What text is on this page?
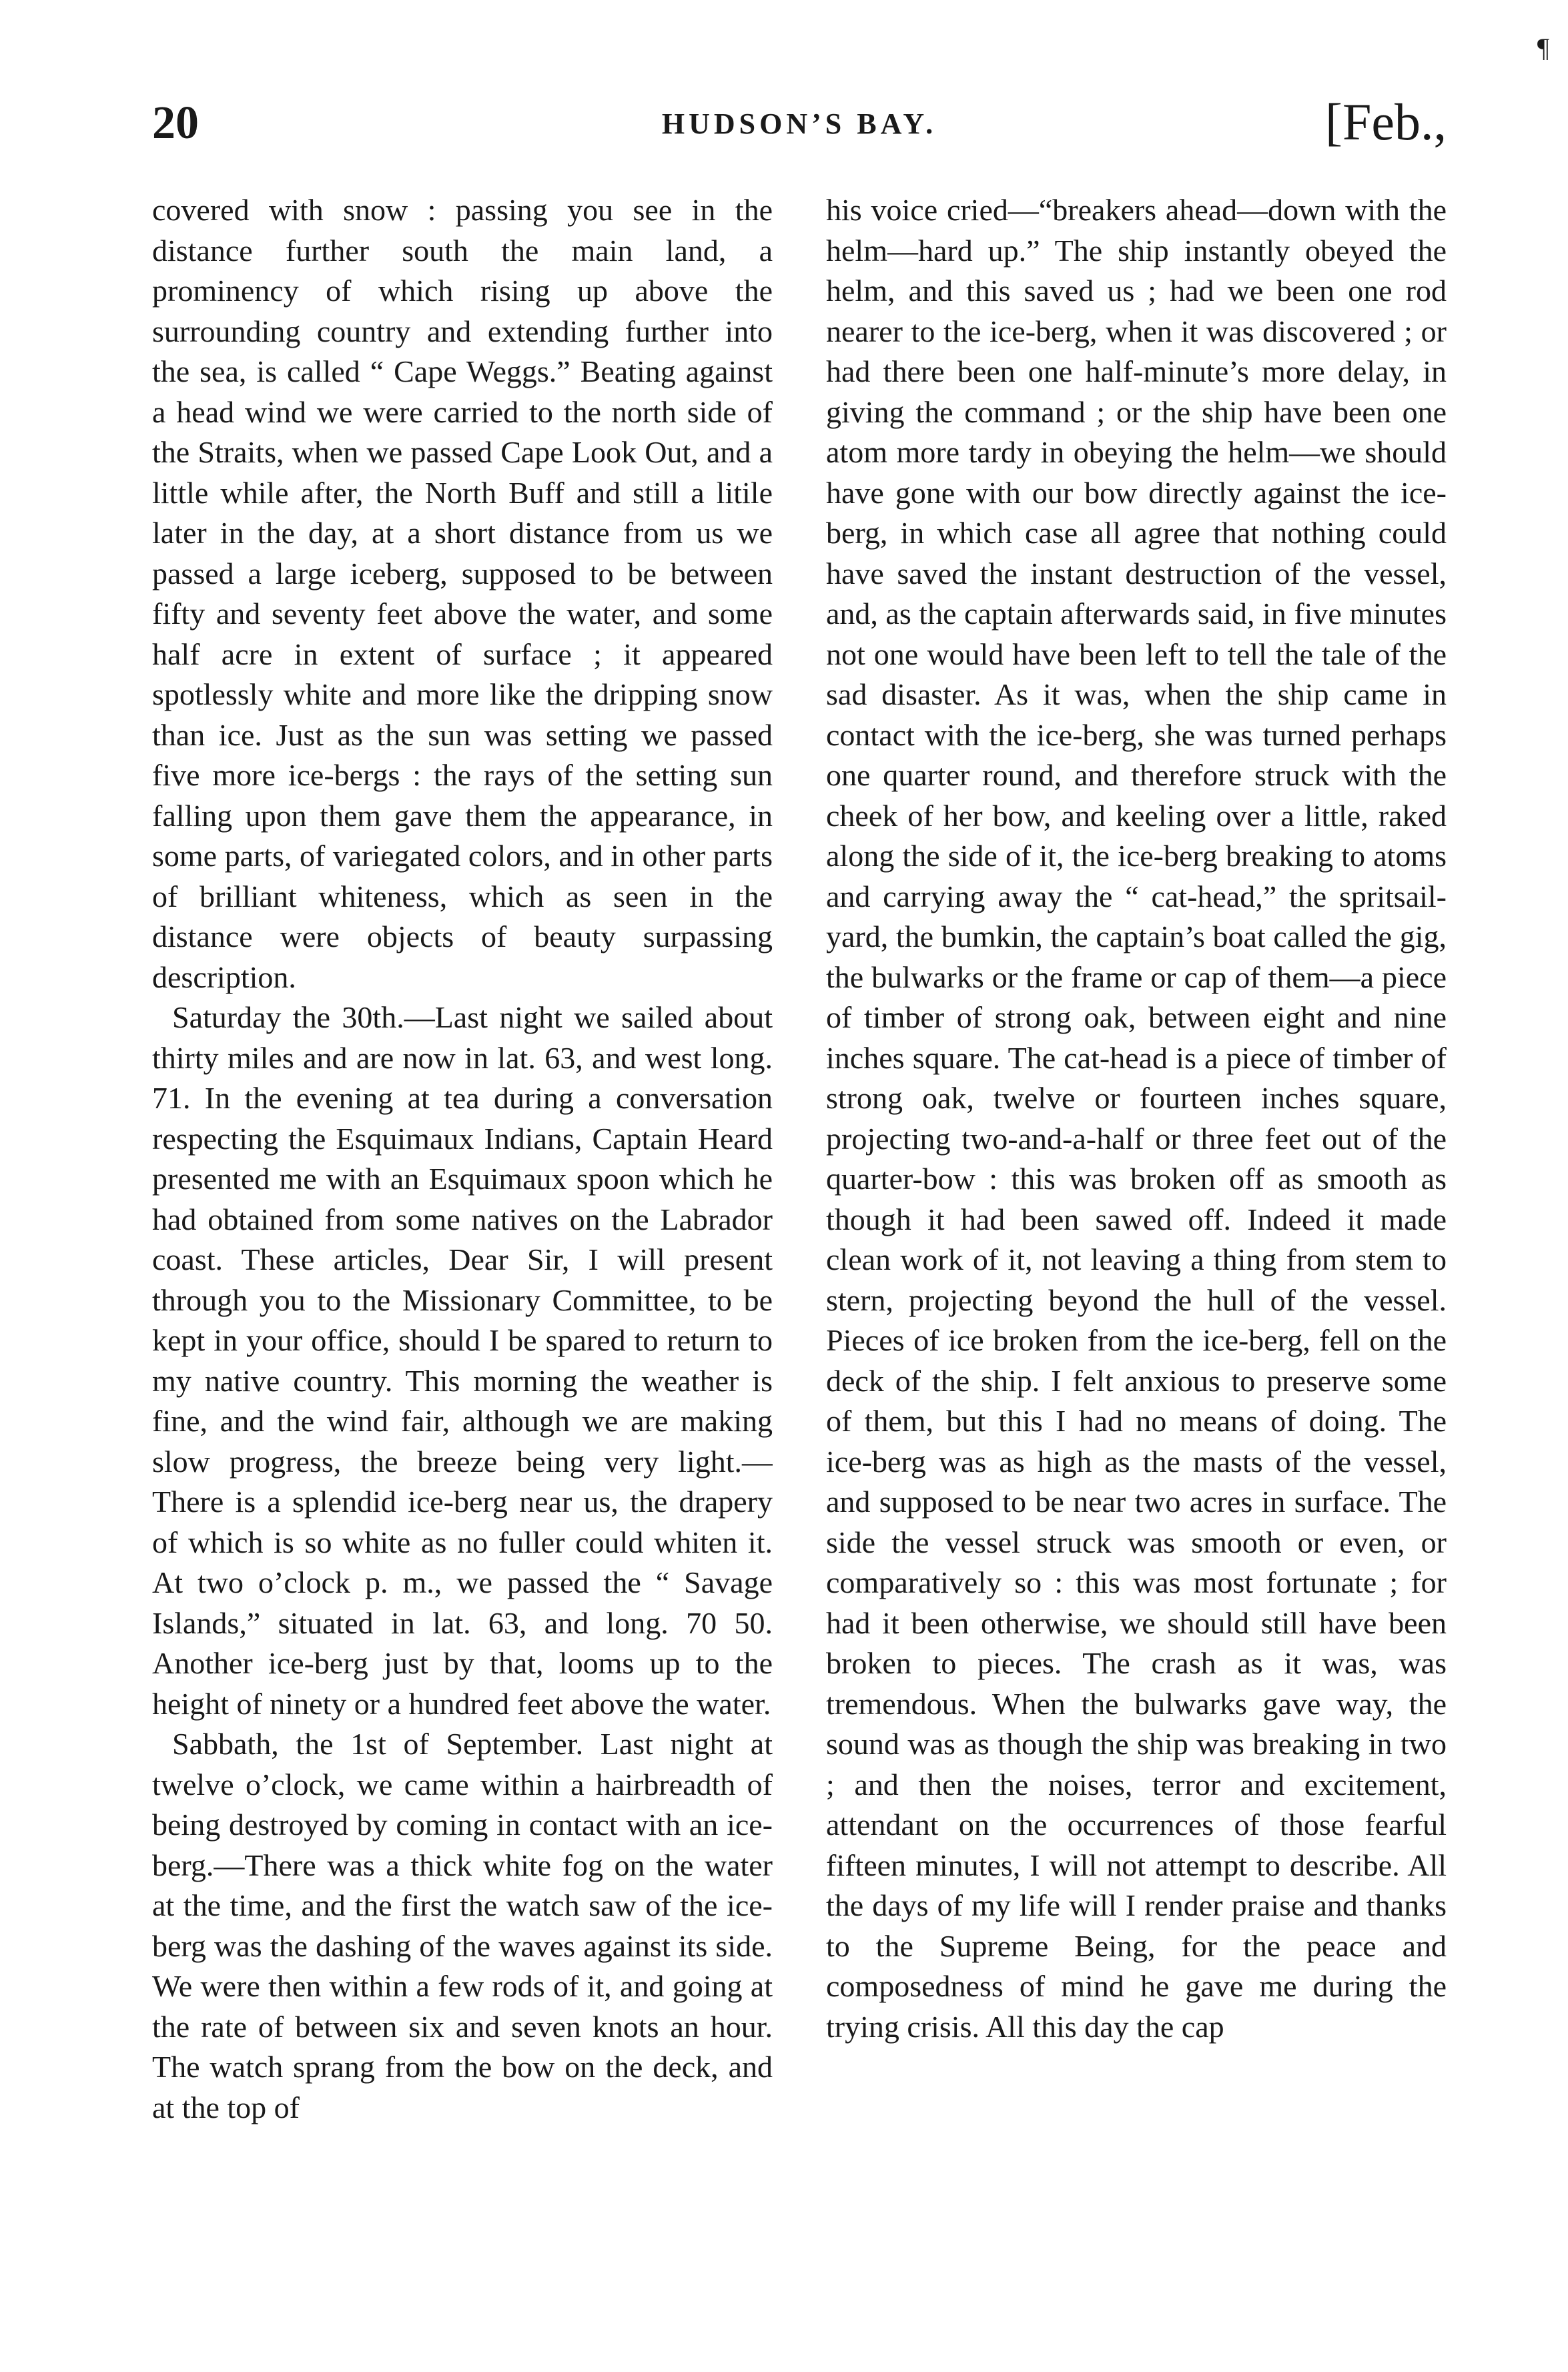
20	HUDSON’S BAY.	[Feb.,
¶

covered with snow : passing you see in the distance further south the main land, a prominency of which rising up above the surrounding country and extending further into the sea, is called “ Cape Weggs.” Beating against a head wind we were carried to the north side of the Straits, when we passed Cape Look Out, and a little while after, the North Buff and still a litile later in the day, at a short distance from us we passed a large iceberg, supposed to be between fifty and seventy feet above the water, and some half acre in extent of surface ; it appeared spotlessly white and more like the dripping snow than ice. Just as the sun was setting we passed five more ice-bergs : the rays of the setting sun falling upon them gave them the appearance, in some parts, of variegated colors, and in other parts of brilliant whiteness, which as seen in the distance were objects of beauty surpassing description.

Saturday the 30th.—Last night we sailed about thirty miles and are now in lat. 63, and west long. 71. In the evening at tea during a conversation respecting the Esquimaux Indians, Captain Heard presented me with an Esquimaux spoon which he had obtained from some natives on the Labrador coast. These articles, Dear Sir, I will present through you to the Missionary Committee, to be kept in your office, should I be spared to return to my native country. This morning the weather is fine, and the wind fair, although we are making slow progress, the breeze being very light.—There is a splendid ice-berg near us, the drapery of which is so white as no fuller could whiten it. At two o’clock p. m., we passed the “ Savage Islands,” situated in lat. 63, and long. 70 50. Another ice-berg just by that, looms up to the height of ninety or a hundred feet above the water.

Sabbath, the 1st of September. Last night at twelve o’clock, we came within a hairbreadth of being destroyed by coming in contact with an ice-berg.—There was a thick white fog on the water at the time, and the first the watch saw of the ice-berg was the dashing of the waves against its side. We were then within a few rods of it, and going at the rate of between six and seven knots an hour. The watch sprang from the bow on the deck, and at the top of

his voice cried—“breakers ahead—down with the helm—hard up.” The ship instantly obeyed the helm, and this saved us ; had we been one rod nearer to the ice-berg, when it was discovered ; or had there been one half-minute’s more delay, in giving the command ; or the ship have been one atom more tardy in obeying the helm—we should have gone with our bow directly against the ice-berg, in which case all agree that nothing could have saved the instant destruction of the vessel, and, as the captain afterwards said, in five minutes not one would have been left to tell the tale of the sad disaster. As it was, when the ship came in contact with the ice-berg, she was turned perhaps one quarter round, and therefore struck with the cheek of her bow, and keeling over a little, raked along the side of it, the ice-berg breaking to atoms and carrying away the “ cat-head,” the spritsail-yard, the bumkin, the captain’s boat called the gig, the bulwarks or the frame or cap of them—a piece of timber of strong oak, between eight and nine inches square. The cat-head is a piece of timber of strong oak, twelve or fourteen inches square, projecting two-and-a-half or three feet out of the quarter-bow : this was broken off as smooth as though it had been sawed off. Indeed it made clean work of it, not leaving a thing from stem to stern, projecting beyond the hull of the vessel. Pieces of ice broken from the ice-berg, fell on the deck of the ship. I felt anxious to preserve some of them, but this I had no means of doing. The ice-berg was as high as the masts of the vessel, and supposed to be near two acres in surface. The side the vessel struck was smooth or even, or comparatively so : this was most fortunate ; for had it been otherwise, we should still have been broken to pieces. The crash as it was, was tremendous. When the bulwarks gave way, the sound was as though the ship was breaking in two ; and then the noises, terror and excitement, attendant on the occurrences of those fearful fifteen minutes, I will not attempt to describe. All the days of my life will I render praise and thanks to the Supreme Being, for the peace and composedness of mind he gave me during the trying crisis. All this day the cap
